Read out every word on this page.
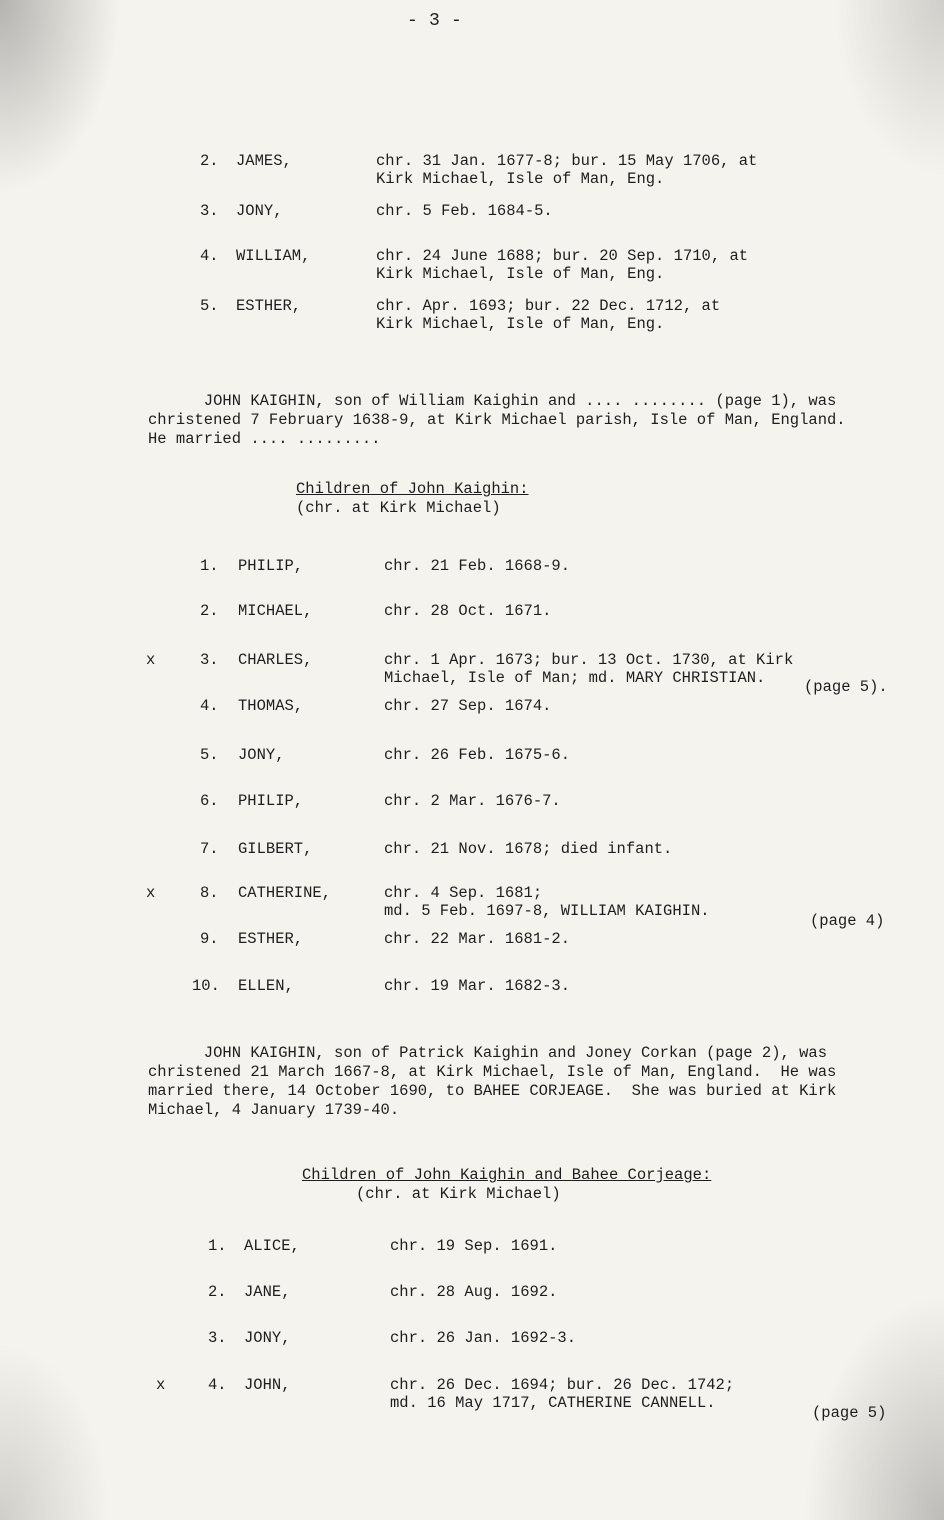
- 3 -
2. JAMES,	chr. 31 Jan. 1677-8; bur. 15 May 1706, at
Kirk Michael, Isle of Man, Eng.
3. JONY,	chr. 5 Feb. 1684-5.
4. WILLIAM,	chr. 24 June 1688; bur. 20 Sep. 1710, at
Kirk Michael, Isle of Man, Eng.
5. ESTHER,	chr. Apr. 1693; bur. 22 Dec. 1712, at
Kirk Michael, Isle of Man, Eng.
JOHN KAIGHIN, son of William Kaighin and .... ........ (page 1), was
christened 7 February 1638-9, at Kirk Michael parish, Isle of Man, England.
He married .... .........
Children of John Kaighin:
(chr. at Kirk Michael)
1. PHILIP,	chr. 21 Feb. 1668-9.
2. MICHAEL,	chr. 28 Oct. 1671.
x	3. CHARLES,	chr. 1 Apr. 1673; bur. 13 Oct. 1730, at Kirk
Michael, Isle of Man; md. MARY CHRISTIAN.	(page 5).
4. THOMAS,	chr. 27 Sep. 1674.
5. JONY,	chr. 26 Feb. 1675-6.
6. PHILIP,	chr. 2 Mar. 1676-7.
7. GILBERT,	chr. 21 Nov. 1678; died infant.
x	8. CATHERINE,	chr. 4 Sep. 1681;
md. 5 Feb. 1697-8, WILLIAM KAIGHIN.
(page 4)
9. ESTHER,	chr. 22 Mar. 1681-2.
10. ELLEN,	chr. 19 Mar. 1682-3.
JOHN KAIGHIN, son of Patrick Kaighin and Joney Corkan (page 2), was
christened 21 March 1667-8, at Kirk Michael, Isle of Man, England.  He was
married there, 14 October 1690, to BAHEE CORJEAGE.  She was buried at Kirk
Michael, 4 January 1739-40.
Children of John Kaighin and Bahee Corjeage:
(chr. at Kirk Michael)
1. ALICE,	chr. 19 Sep. 1691.
2. JANE,	chr. 28 Aug. 1692.
3. JONY,	chr. 26 Jan. 1692-3.
x	4. JOHN,	chr. 26 Dec. 1694; bur. 26 Dec. 1742;
md. 16 May 1717, CATHERINE CANNELL.
(page 5)
